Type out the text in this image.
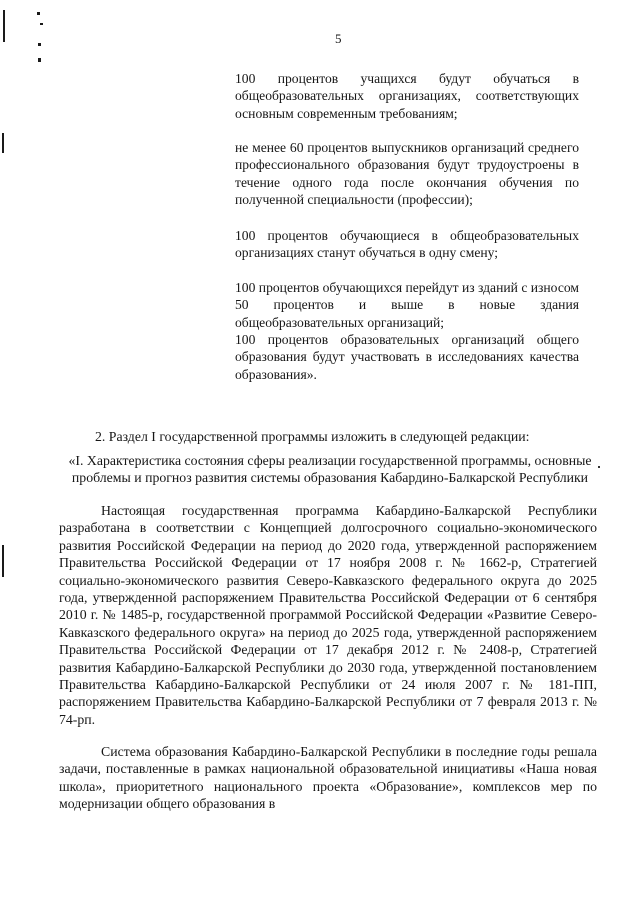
5

100 процентов учащихся будут обучаться в общеобразовательных организациях, соответствующих основным современным требованиям;

не менее 60 процентов выпускников организаций среднего профессионального образования будут трудоустроены в течение одного года после окончания обучения по полученной специальности (профессии);

100 процентов обучающиеся в общеобразовательных организациях станут обучаться в одну смену;

100 процентов обучающихся перейдут из зданий с износом 50 процентов и выше в новые здания общеобразовательных организаций;

100 процентов образовательных организаций общего образования будут участвовать в исследованиях качества образования».

2. Раздел I государственной программы изложить в следующей редакции:
«I. Характеристика состояния сферы реализации государственной программы, основные проблемы и прогноз развития системы образования Кабардино-Балкарской Республики
Настоящая государственная программа Кабардино-Балкарской Республики разработана в соответствии с Концепцией долгосрочного социально-экономического развития Российской Федерации на период до 2020 года, утвержденной распоряжением Правительства Российской Федерации от 17 ноября 2008 г. № 1662-р, Стратегией социально-экономического развития Северо-Кавказского федерального округа до 2025 года, утвержденной распоряжением Правительства Российской Федерации от 6 сентября 2010 г. № 1485-р, государственной программой Российской Федерации «Развитие Северо-Кавказского федерального округа» на период до 2025 года, утвержденной распоряжением Правительства Российской Федерации от 17 декабря 2012 г. № 2408-р, Стратегией развития Кабардино-Балкарской Республики до 2030 года, утвержденной постановлением Правительства Кабардино-Балкарской Республики от 24 июля 2007 г. № 181-ПП, распоряжением Правительства Кабардино-Балкарской Республики от 7 февраля 2013 г. № 74-рп.
Система образования Кабардино-Балкарской Республики в последние годы решала задачи, поставленные в рамках национальной образовательной инициативы «Наша новая школа», приоритетного национального проекта «Образование», комплексов мер по модернизации общего образования в
